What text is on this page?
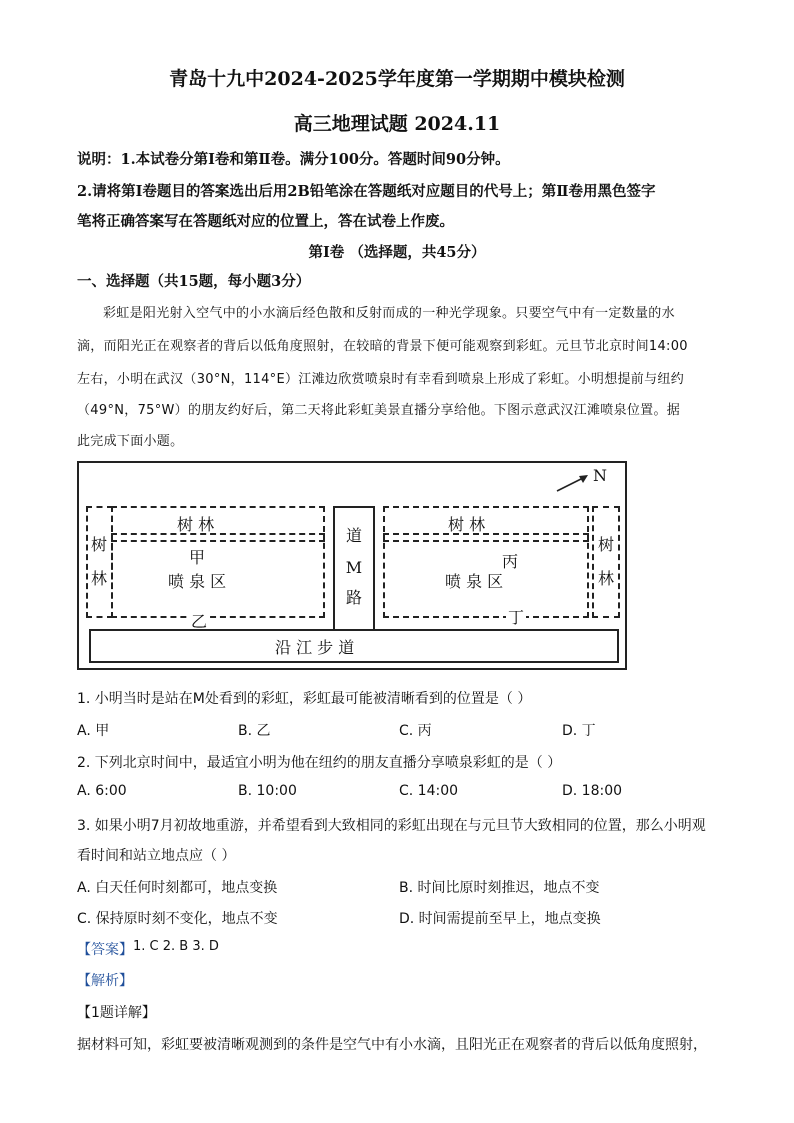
青岛十九中2024-2025学年度第一学期期中模块检测
高三地理试题 2024.11
说明：1.本试卷分第Ⅰ卷和第Ⅱ卷。满分100分。答题时间90分钟。
2.请将第Ⅰ卷题目的答案选出后用2B铅笔涂在答题纸对应题目的代号上；第Ⅱ卷用黑色签字
笔将正确答案写在答题纸对应的位置上，答在试卷上作废。
第Ⅰ卷 （选择题，共45分）
一、选择题（共15题，每小题3分）
彩虹是阳光射入空气中的小水滴后经色散和反射而成的一种光学现象。只要空气中有一定数量的水
滴，而阳光正在观察者的背后以低角度照射，在较暗的背景下便可能观察到彩虹。元旦节北京时间14:00
左右，小明在武汉（30°N，114°E）江滩边欣赏喷泉时有幸看到喷泉上形成了彩虹。小明想提前与纽约
（49°N，75°W）的朋友约好后，第二天将此彩虹美景直播分享给他。下图示意武汉江滩喷泉位置。据
此完成下面小题。
N
树
林
树 林
甲
喷 泉 区
乙
道
M
路
树 林
丙
喷 泉 区
丁
树
林
沿 江 步 道
1. 小明当时是站在M处看到的彩虹，彩虹最可能被清晰看到的位置是（ ）
A. 甲	B. 乙	C. 丙	D. 丁
2. 下列北京时间中，最适宜小明为他在纽约的朋友直播分享喷泉彩虹的是（ ）
A. 6:00	B. 10:00	C. 14:00	D. 18:00
3. 如果小明7月初故地重游，并希望看到大致相同的彩虹出现在与元旦节大致相同的位置，那么小明观
看时间和站立地点应（ ）
A. 白天任何时刻都可，地点变换	B. 时间比原时刻推迟，地点不变
C. 保持原时刻不变化，地点不变	D. 时间需提前至早上，地点变换
【答案】 1. C 2. B 3. D
【解析】
【1题详解】
据材料可知，彩虹要被清晰观测到的条件是空气中有小水滴，且阳光正在观察者的背后以低角度照射，
